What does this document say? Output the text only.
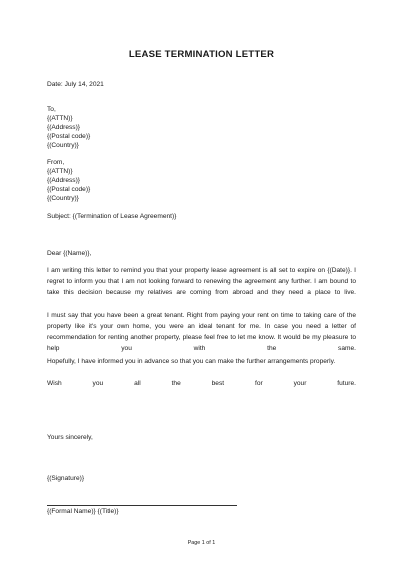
LEASE TERMINATION LETTER
Date: July 14, 2021
To,
{(ATTN)}
{(Address)}
{(Postal code)}
{(Country)}
From,
{(ATTN)}
{(Address)}
{(Postal code)}
{(Country)}
Subject: {(Termination of Lease Agreement)}
Dear {(Name)},
I am writing this letter to remind you that your property lease agreement is all set to expire on {(Date)}. I regret to inform you that I am not looking forward to renewing the agreement any further. I am bound to take this decision because my relatives are coming from abroad and they need a place to live.
I must say that you have been a great tenant. Right from paying your rent on time to taking care of the property like it's your own home, you were an ideal tenant for me. In case you need a letter of recommendation for renting another property, please feel free to let me know. It would be my pleasure to help you with the same.
Hopefully, I have informed you in advance so that you can make the further arrangements properly.
Wish you all the best for your future.
Yours sincerely,
{(Signature)}
{(Formal Name)} {(Title)}
Page 1 of 1
